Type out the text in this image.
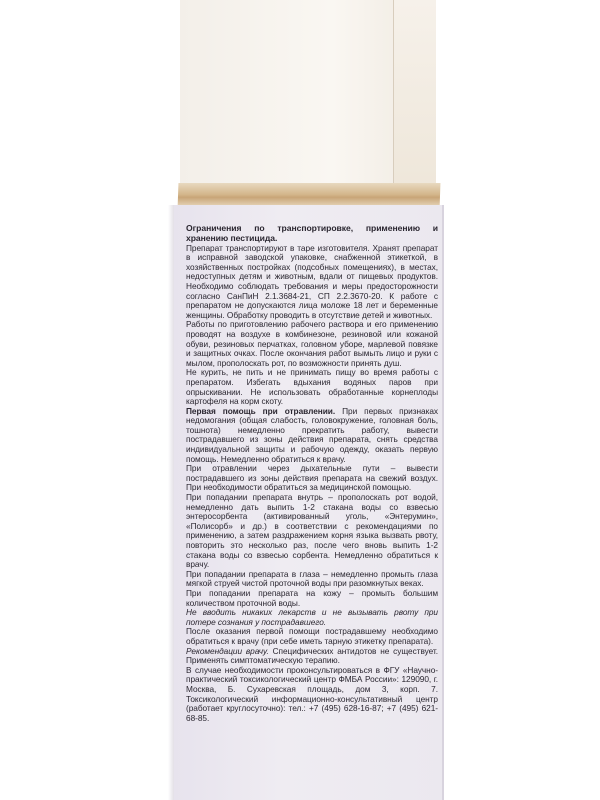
Ограничения по транспортировке, применению и хранению пестицида.

Препарат транспортируют в таре изготовителя. Хранят препарат в исправной заводской упаковке, снабженной этикеткой, в хозяйственных постройках (подсобных помещениях), в местах, недоступных детям и животным, вдали от пищевых продуктов. Необходимо соблюдать требования и меры предосторожности согласно СанПиН 2.1.3684-21, СП 2.2.3670-20. К работе с препаратом не допускаются лица моложе 18 лет и беременные женщины. Обработку проводить в отсутствие детей и животных.

Работы по приготовлению рабочего раствора и его применению проводят на воздухе в комбинезоне, резиновой или кожаной обуви, резиновых перчатках, головном уборе, марлевой повязке и защитных очках. После окончания работ вымыть лицо и руки с мылом, прополоскать рот, по возможности принять душ.

Не курить, не пить и не принимать пищу во время работы с препаратом. Избегать вдыхания водяных паров при опрыскивании. Не использовать обработанные корнеплоды картофеля на корм скоту.

Первая помощь при отравлении. При первых признаках недомогания (общая слабость, головокружение, головная боль, тошнота) немедленно прекратить работу, вывести пострадавшего из зоны действия препарата, снять средства индивидуальной защиты и рабочую одежду, оказать первую помощь. Немедленно обратиться к врачу.

При отравлении через дыхательные пути – вывести пострадавшего из зоны действия препарата на свежий воздух. При необходимости обратиться за медицинской помощью.

При попадании препарата внутрь – прополоскать рот водой, немедленно дать выпить 1-2 стакана воды со взвесью энтеросорбента (активированный уголь, «Энтерумин», «Полисорб» и др.) в соответствии с рекомендациями по применению, а затем раздражением корня языка вызвать рвоту, повторить это несколько раз, после чего вновь выпить 1-2 стакана воды со взвесью сорбента. Немедленно обратиться к врачу.

При попадании препарата в глаза – немедленно промыть глаза мягкой струей чистой проточной воды при разомкнутых веках.

При попадании препарата на кожу – промыть большим количеством проточной воды.

Не вводить никаких лекарств и не вызывать рвоту при потере сознания у пострадавшего.

После оказания первой помощи пострадавшему необходимо обратиться к врачу (при себе иметь тарную этикетку препарата).

Рекомендации врачу. Специфических антидотов не существует. Применять симптоматическую терапию.

В случае необходимости проконсультироваться в ФГУ «Научно-практический токсикологический центр ФМБА России»: 129090, г. Москва, Б. Сухаревская площадь, дом 3, корп. 7. Токсикологический информационно-консультативный центр (работает круглосуточно): тел.: +7 (495) 628-16-87; +7 (495) 621-68-85.
